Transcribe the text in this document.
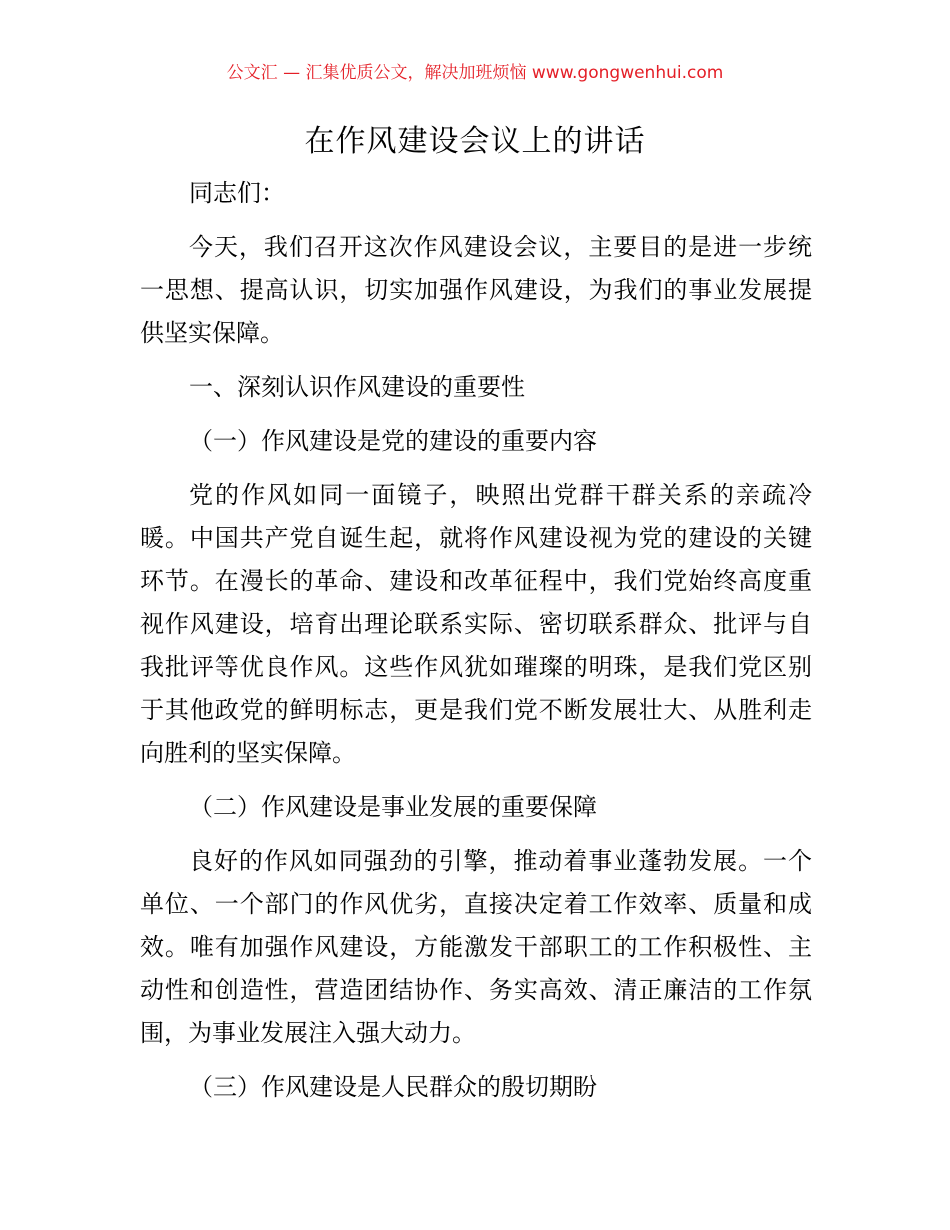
公文汇 — 汇集优质公文，解决加班烦恼 www.gongwenhui.com
在作风建设会议上的讲话
同志们：
今天，我们召开这次作风建设会议，主要目的是进一步统
一思想、提高认识，切实加强作风建设，为我们的事业发展提
供坚实保障。
一、深刻认识作风建设的重要性
（一）作风建设是党的建设的重要内容
党的作风如同一面镜子，映照出党群干群关系的亲疏冷
暖。中国共产党自诞生起，就将作风建设视为党的建设的关键
环节。在漫长的革命、建设和改革征程中，我们党始终高度重
视作风建设，培育出理论联系实际、密切联系群众、批评与自
我批评等优良作风。这些作风犹如璀璨的明珠，是我们党区别
于其他政党的鲜明标志，更是我们党不断发展壮大、从胜利走
向胜利的坚实保障。
（二）作风建设是事业发展的重要保障
良好的作风如同强劲的引擎，推动着事业蓬勃发展。一个
单位、一个部门的作风优劣，直接决定着工作效率、质量和成
效。唯有加强作风建设，方能激发干部职工的工作积极性、主
动性和创造性，营造团结协作、务实高效、清正廉洁的工作氛
围，为事业发展注入强大动力。
（三）作风建设是人民群众的殷切期盼
